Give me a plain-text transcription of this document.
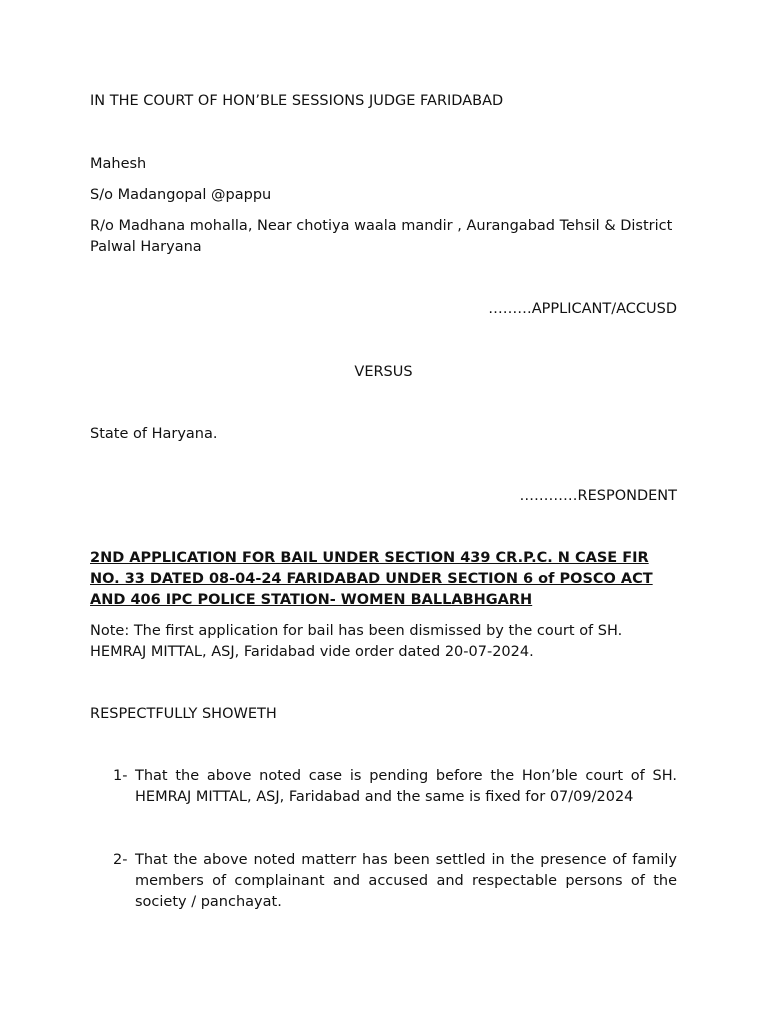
IN THE COURT OF HON’BLE SESSIONS JUDGE FARIDABAD

Mahesh

S/o Madangopal @pappu

R/o Madhana mohalla, Near chotiya waala mandir , Aurangabad Tehsil & District Palwal Haryana

………APPLICANT/ACCUSD

VERSUS

State of Haryana.

…………RESPONDENT

2ND APPLICATION FOR BAIL UNDER SECTION 439 CR.P.C. N CASE FIR NO. 33 DATED 08-04-24 FARIDABAD UNDER SECTION 6 of POSCO ACT AND 406 IPC POLICE STATION- WOMEN BALLABHGARH

Note: The first application for bail has been dismissed by the court of SH. HEMRAJ MITTAL, ASJ, Faridabad vide order dated 20-07-2024.

RESPECTFULLY SHOWETH

1- That the above noted case is pending before the Hon’ble court of SH. HEMRAJ MITTAL, ASJ, Faridabad and the same is fixed for 07/09/2024
2- That the above noted matterr has been settled in the presence of family members of complainant and accused and respectable persons of the society / panchayat.
